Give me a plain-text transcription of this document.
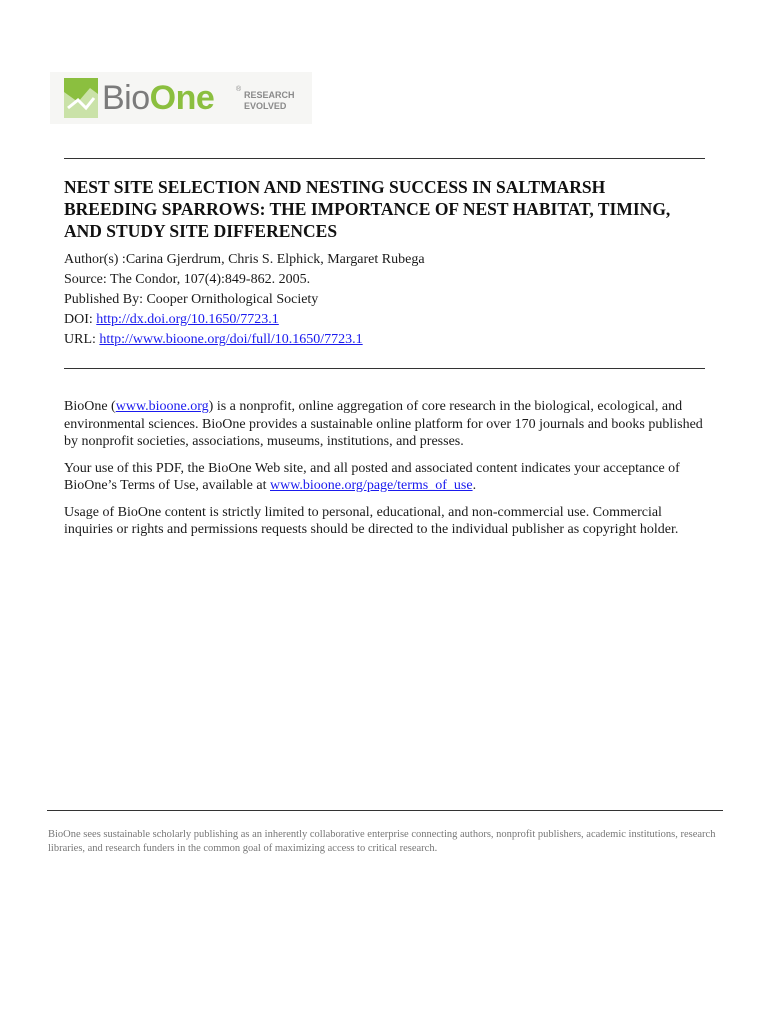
BioOne	®
RESEARCH
EVOLVED
NEST SITE SELECTION AND NESTING SUCCESS IN SALTMARSH
BREEDING SPARROWS: THE IMPORTANCE OF NEST HABITAT, TIMING,
AND STUDY SITE DIFFERENCES
Author(s) :Carina Gjerdrum, Chris S. Elphick, Margaret Rubega
Source: The Condor, 107(4):849-862. 2005.
Published By: Cooper Ornithological Society
DOI: http://dx.doi.org/10.1650/7723.1
URL: http://www.bioone.org/doi/full/10.1650/7723.1

BioOne (www.bioone.org) is a nonprofit, online aggregation of core research in the biological, ecological, and environmental sciences. BioOne provides a sustainable online platform for over 170 journals and books published by nonprofit societies, associations, museums, institutions, and presses.

Your use of this PDF, the BioOne Web site, and all posted and associated content indicates your acceptance of BioOne’s Terms of Use, available at www.bioone.org/page/terms_of_use.

Usage of BioOne content is strictly limited to personal, educational, and non-commercial use. Commercial inquiries or rights and permissions requests should be directed to the individual publisher as copyright holder.

BioOne sees sustainable scholarly publishing as an inherently collaborative enterprise connecting authors, nonprofit publishers, academic institutions, research libraries, and research funders in the common goal of maximizing access to critical research.
